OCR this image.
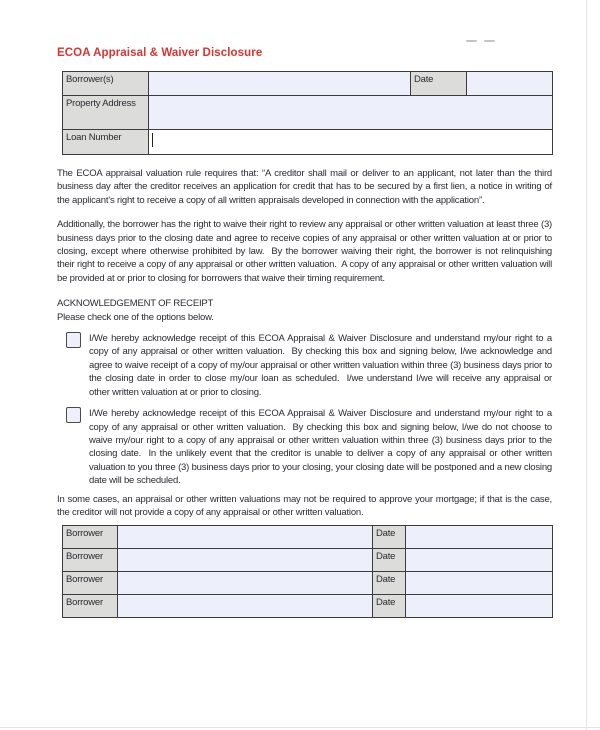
ECOA Appraisal & Waiver Disclosure
Borrower(s)		Date	
Property Address			
Loan Number			
The ECOA appraisal valuation rule requires that: “A creditor shall mail or deliver to an applicant, not later than the third business day after the creditor receives an application for credit that has to be secured by a first lien, a notice in writing of the applicant’s right to receive a copy of all written appraisals developed in connection with the application”.
Additionally, the borrower has the right to waive their right to review any appraisal or other written valuation at least three (3) business days prior to the closing date and agree to receive copies of any appraisal or other written valuation at or prior to closing, except where otherwise prohibited by law.  By the borrower waiving their right, the borrower is not relinquishing their right to receive a copy of any appraisal or other written valuation.  A copy of any appraisal or other written valuation will be provided at or prior to closing for borrowers that waive their timing requirement.
ACKNOWLEDGEMENT OF RECEIPT
Please check one of the options below.
I/We hereby acknowledge receipt of this ECOA Appraisal & Waiver Disclosure and understand my/our right to a copy of any appraisal or other written valuation.  By checking this box and signing below, I/we acknowledge and agree to waive receipt of a copy of my/our appraisal or other written valuation within three (3) business days prior to the closing date in order to close my/our loan as scheduled.  I/we understand I/we will receive any appraisal or other written valuation at or prior to closing.
I/We hereby acknowledge receipt of this ECOA Appraisal & Waiver Disclosure and understand my/our right to a copy of any appraisal or other written valuation.  By checking this box and signing below, I/we do not choose to waive my/our right to a copy of any appraisal or other written valuation within three (3) business days prior to the closing date.  In the unlikely event that the creditor is unable to deliver a copy of any appraisal or other written valuation to you three (3) business days prior to your closing, your closing date will be postponed and a new closing date will be scheduled.
In some cases, an appraisal or other written valuations may not be required to approve your mortgage; if that is the case, the creditor will not provide a copy of any appraisal or other written valuation.
Borrower		Date	
Borrower		Date	
Borrower		Date	
Borrower		Date	
